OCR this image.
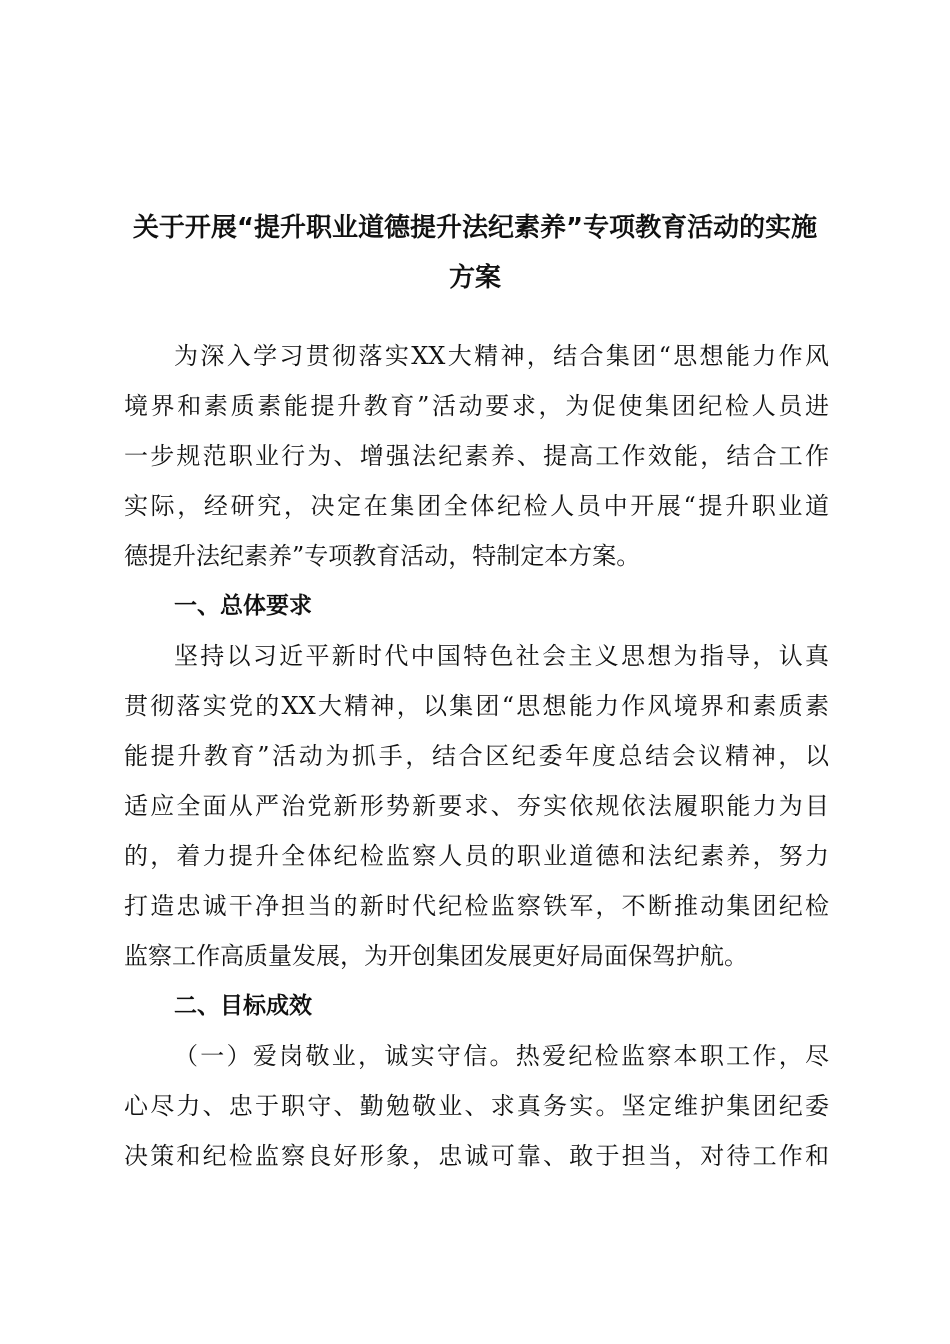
关于开展“提升职业道德提升法纪素养”专项教育活动的实施
方案

为深入学习贯彻落实XX大精神，结合集团“思想能力作风

境界和素质素能提升教育”活动要求，为促使集团纪检人员进

一步规范职业行为、增强法纪素养、提高工作效能，结合工作

实际，经研究，决定在集团全体纪检人员中开展“提升职业道

德提升法纪素养”专项教育活动，特制定本方案。

一、总体要求

坚持以习近平新时代中国特色社会主义思想为指导，认真

贯彻落实党的XX大精神，以集团“思想能力作风境界和素质素

能提升教育”活动为抓手，结合区纪委年度总结会议精神，以

适应全面从严治党新形势新要求、夯实依规依法履职能力为目

的，着力提升全体纪检监察人员的职业道德和法纪素养，努力

打造忠诚干净担当的新时代纪检监察铁军，不断推动集团纪检

监察工作高质量发展，为开创集团发展更好局面保驾护航。

二、目标成效

（一）爱岗敬业，诚实守信。热爱纪检监察本职工作，尽

心尽力、忠于职守、勤勉敬业、求真务实。坚定维护集团纪委

决策和纪检监察良好形象，忠诚可靠、敢于担当，对待工作和
